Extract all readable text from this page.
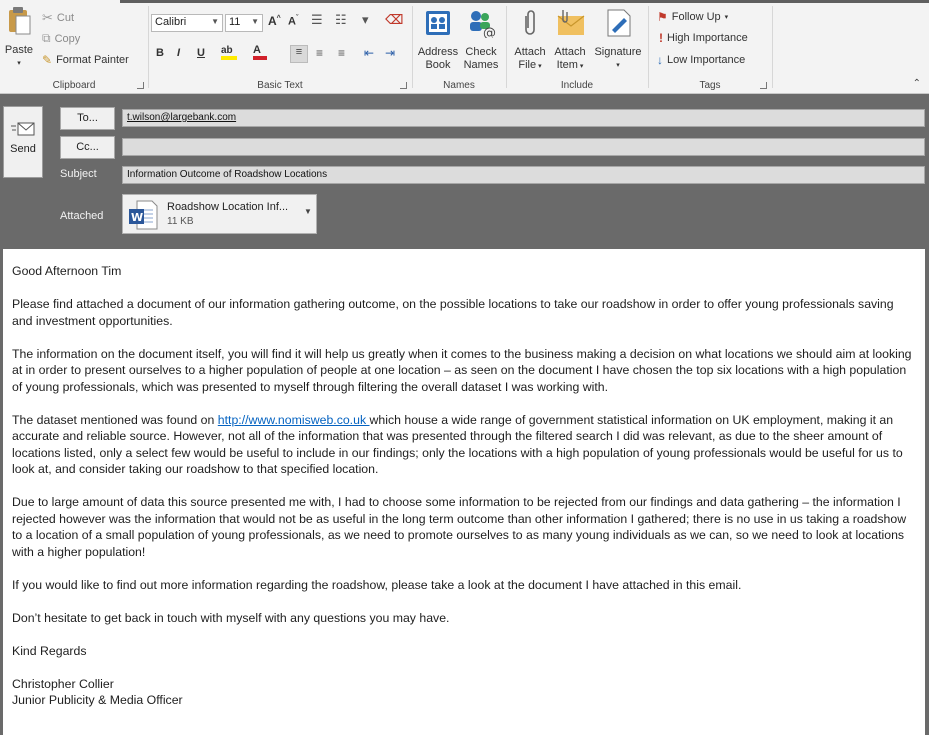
Paste
▾
✂ Cut
⧉ Copy
✎ Format Painter
Clipboard
Calibri	▼ 11 ▼ A^ $A^ˇ$ ☰ ☷ ▾ ⌫
B I U ab	A	≡	≡ ≡ ⇤ ⇥
Basic Text
Address
Book
@
Check
Names
Names
Attach
File ▾
Attach
Item ▾
Signature
▾
Include
⚑ Follow Up ▾
! High Importance
↓ Low Importance
Tags	⌃
Send
To...
Cc...
t.wilson@largebank.com
Subject	Information Outcome of Roadshow Locations
Attached	W
Roadshow Location Inf...
11 KB
▼

Good Afternoon Tim

Please find attached a document of our information gathering outcome, on the possible locations to take our roadshow in order to offer young professionals saving and investment opportunities.

The information on the document itself, you will find it will help us greatly when it comes to the business making a decision on what locations we should aim at looking at in order to present ourselves to a higher population of people at one location – as seen on the document I have chosen the top six locations with a high population of young professionals, which was presented to myself through filtering the overall dataset I was working with.

The dataset mentioned was found on http://www.nomisweb.co.uk which house a wide range of government statistical information on UK employment, making it an accurate and reliable source. However, not all of the information that was presented through the filtered search I did was relevant, as due to the sheer amount of locations listed, only a select few would be useful to include in our findings; only the locations with a high population of young professionals would be useful for us to look at, and consider taking our roadshow to that specified location.

Due to large amount of data this source presented me with, I had to choose some information to be rejected from our findings and data gathering – the information I rejected however was the information that would not be as useful in the long term outcome than other information I gathered; there is no use in us taking a roadshow to a location of a small population of young professionals, as we need to promote ourselves to as many young individuals as we can, so we need to look at locations with a higher population!

If you would like to find out more information regarding the roadshow, please take a look at the document I have attached in this email.

Don’t hesitate to get back in touch with myself with any questions you may have.

Kind Regards

Christopher Collier

Junior Publicity & Media Officer
